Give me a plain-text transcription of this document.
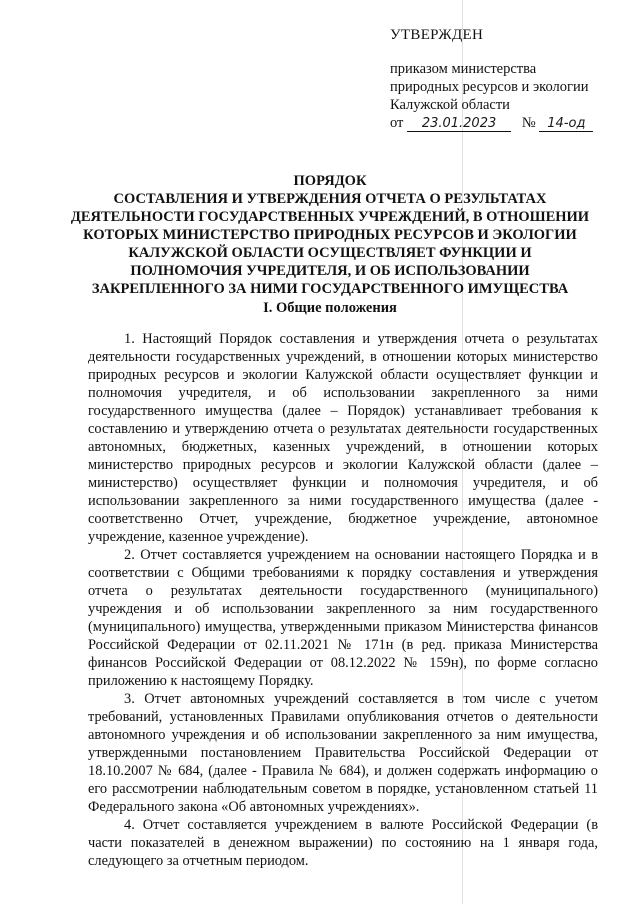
УТВЕРЖДЕН
приказом министерства
природных ресурсов и экологии
Калужской области
от 23.01.2023 № 14-од
ПОРЯДОК
СОСТАВЛЕНИЯ И УТВЕРЖДЕНИЯ ОТЧЕТА О РЕЗУЛЬТАТАХ
ДЕЯТЕЛЬНОСТИ ГОСУДАРСТВЕННЫХ УЧРЕЖДЕНИЙ, В ОТНОШЕНИИ
КОТОРЫХ МИНИСТЕРСТВО ПРИРОДНЫХ РЕСУРСОВ И ЭКОЛОГИИ
КАЛУЖСКОЙ ОБЛАСТИ ОСУЩЕСТВЛЯЕТ ФУНКЦИИ И
ПОЛНОМОЧИЯ УЧРЕДИТЕЛЯ, И ОБ ИСПОЛЬЗОВАНИИ
ЗАКРЕПЛЕННОГО ЗА НИМИ ГОСУДАРСТВЕННОГО ИМУЩЕСТВА
I. Общие положения

1. Настоящий Порядок составления и утверждения отчета о результатах деятельности государственных учреждений, в отношении которых министерство природных ресурсов и экологии Калужской области осуществляет функции и полномочия учредителя, и об использовании закрепленного за ними государственного имущества (далее – Порядок) устанавливает требования к составлению и утверждению отчета о результатах деятельности государственных автономных, бюджетных, казенных учреждений, в отношении которых министерство природных ресурсов и экологии Калужской области (далее – министерство) осуществляет функции и полномочия учредителя, и об использовании закрепленного за ними государственного имущества (далее - соответственно Отчет, учреждение, бюджетное учреждение, автономное учреждение, казенное учреждение).

2. Отчет составляется учреждением на основании настоящего Порядка и в соответствии с Общими требованиями к порядку составления и утверждения отчета о результатах деятельности государственного (муниципального) учреждения и об использовании закрепленного за ним государственного (муниципального) имущества, утвержденными приказом Министерства финансов Российской Федерации от 02.11.2021 № 171н (в ред. приказа Министерства финансов Российской Федерации от 08.12.2022 № 159н), по форме согласно приложению к настоящему Порядку.

3. Отчет автономных учреждений составляется в том числе с учетом требований, установленных Правилами опубликования отчетов о деятельности автономного учреждения и об использовании закрепленного за ним имущества, утвержденными постановлением Правительства Российской Федерации от 18.10.2007 № 684, (далее - Правила № 684), и должен содержать информацию о его рассмотрении наблюдательным советом в порядке, установленном статьей 11 Федерального закона «Об автономных учреждениях».

4. Отчет составляется учреждением в валюте Российской Федерации (в части показателей в денежном выражении) по состоянию на 1 января года, следующего за отчетным периодом.
